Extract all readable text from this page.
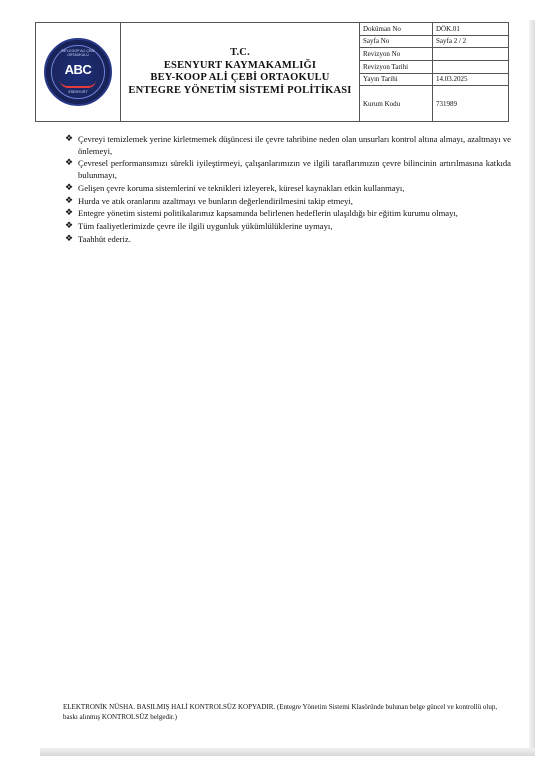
BEY-KOOP ALİ ÇEBİ ORTAOKULU
ABC
ESENYURT

T.C.
ESENYURT KAYMAKAMLIĞI
BEY-KOOP ALİ ÇEBİ ORTAOKULU
ENTEGRE YÖNETİM SİSTEMİ POLİTİKASI

Doküman No	DÖK.01
Sayfa No	Sayfa 2 / 2
Revizyon No	
Revizyon Tarihi	
Yayın Tarihi	14.03.2025
Kurum Kodu	731989
❖ Çevreyi temizlemek yerine kirletmemek düşüncesi ile çevre tahribine neden olan unsurları kontrol altına almayı, azaltmayı ve önlemeyi,
❖ Çevresel performansımızı sürekli iyileştirmeyi, çalışanlarımızın ve ilgili taraflarımızın çevre bilincinin artırılmasına katkıda bulunmayı,
❖ Gelişen çevre koruma sistemlerini ve teknikleri izleyerek, küresel kaynakları etkin kullanmayı,
❖ Hurda ve atık oranlarını azaltmayı ve bunların değerlendirilmesini takip etmeyi,
❖ Entegre yönetim sistemi politikalarımız kapsamında belirlenen hedeflerin ulaşıldığı bir eğitim kurumu olmayı,
❖ Tüm faaliyetlerimizde çevre ile ilgili uygunluk yükümlülüklerine uymayı,
❖ Taahhüt ederiz.
ELEKTRONİK NÜSHA. BASILMIŞ HALİ KONTROLSÜZ KOPYADIR. (Entegre Yönetim Sistemi Klasöründe bulunan belge güncel ve kontrollü olup, baskı alınmış KONTROLSÜZ belgedir.)
